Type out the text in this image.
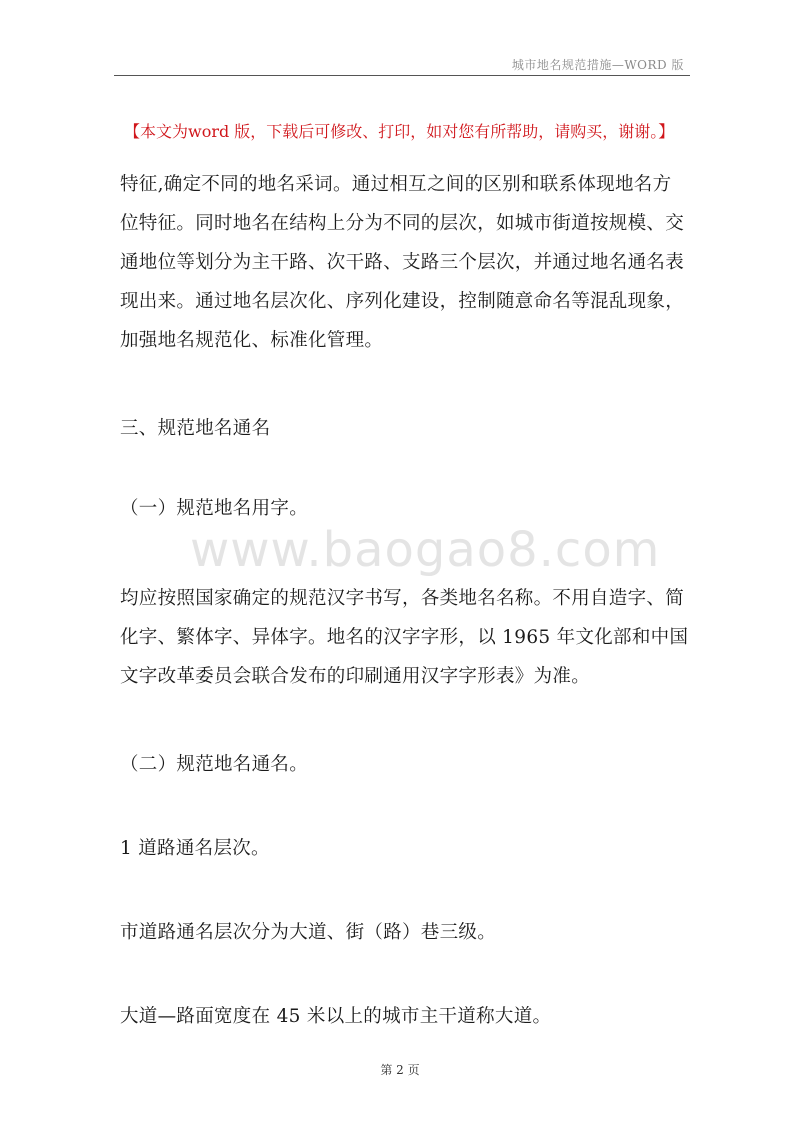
城市地名规范措施—WORD 版
【本文为word 版，下载后可修改、打印，如对您有所帮助，请购买，谢谢。】
特征,确定不同的地名采词。通过相互之间的区别和联系体现地名方
位特征。同时地名在结构上分为不同的层次，如城市街道按规模、交
通地位等划分为主干路、次干路、支路三个层次，并通过地名通名表
现出来。通过地名层次化、序列化建设，控制随意命名等混乱现象，
加强地名规范化、标准化管理。
三、规范地名通名
（一）规范地名用字。
www.baogao8.com
均应按照国家确定的规范汉字书写，各类地名名称。不用自造字、简
化字、繁体字、异体字。地名的汉字字形，以 1965 年文化部和中国
文字改革委员会联合发布的印刷通用汉字字形表》为准。
（二）规范地名通名。
1 道路通名层次。
市道路通名层次分为大道、街（路）巷三级。
大道—路面宽度在 45 米以上的城市主干道称大道。
第 2 页
